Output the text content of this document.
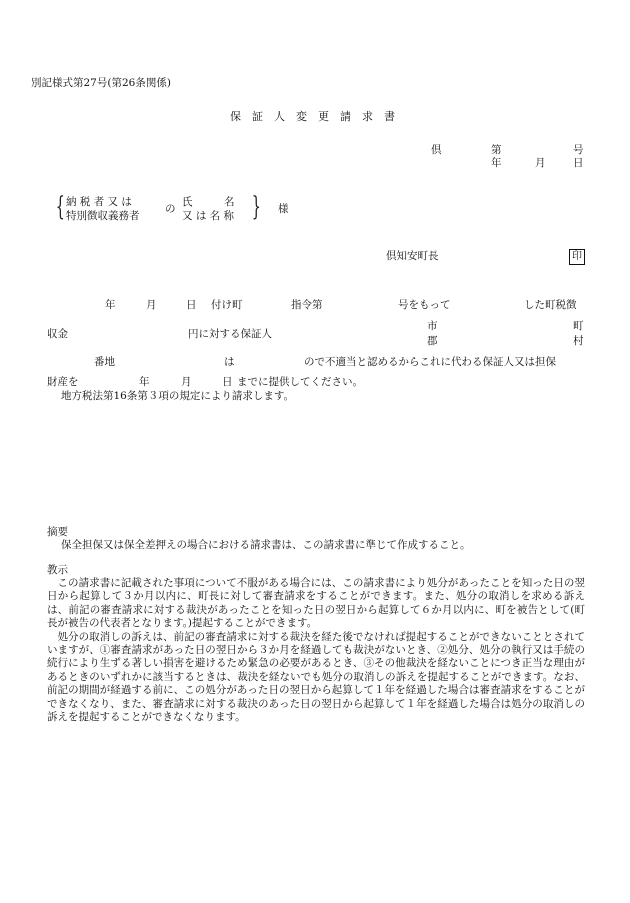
別記様式第27号(第26条関係)
保　証　人　変　更　請　求　書
倶	第	号
年	月	日
{ 納 税 者 又 は
特別徴収義務者
の
氏　　　名
又 は 名 称 } 様
倶知安町長	印
年	月	日 付け町	指令第	号をもって	した町税徴
収金	円に対する保証人
市
郡
町
村
番地	は	ので不適当と認めるからこれに代わる保証人又は担保
財産を	年	月	日 までに提供してください。
地方税法第16条第３項の規定により請求します。
摘要
保全担保又は保全差押えの場合における請求書は、この請求書に準じて作成すること。
教示

この請求書に記載された事項について不服がある場合には、この請求書により処分があったことを知った日の翌日から起算して３か月以内に、町長に対して審査請求をすることができます。また、処分の取消しを求める訴えは、前記の審査請求に対する裁決があったことを知った日の翌日から起算して６か月以内に、町を被告として(町長が被告の代表者となります。)提起することができます。

処分の取消しの訴えは、前記の審査請求に対する裁決を経た後でなければ提起することができないこととされていますが、①審査請求があった日の翌日から３か月を経過しても裁決がないとき、②処分、処分の執行又は手続の続行により生ずる著しい損害を避けるため緊急の必要があるとき、③その他裁決を経ないことにつき正当な理由があるときのいずれかに該当するときは、裁決を経ないでも処分の取消しの訴えを提起することができます。なお、前記の期間が経過する前に、この処分があった日の翌日から起算して１年を経過した場合は審査請求をすることができなくなり、また、審査請求に対する裁決のあった日の翌日から起算して１年を経過した場合は処分の取消しの訴えを提起することができなくなります。
